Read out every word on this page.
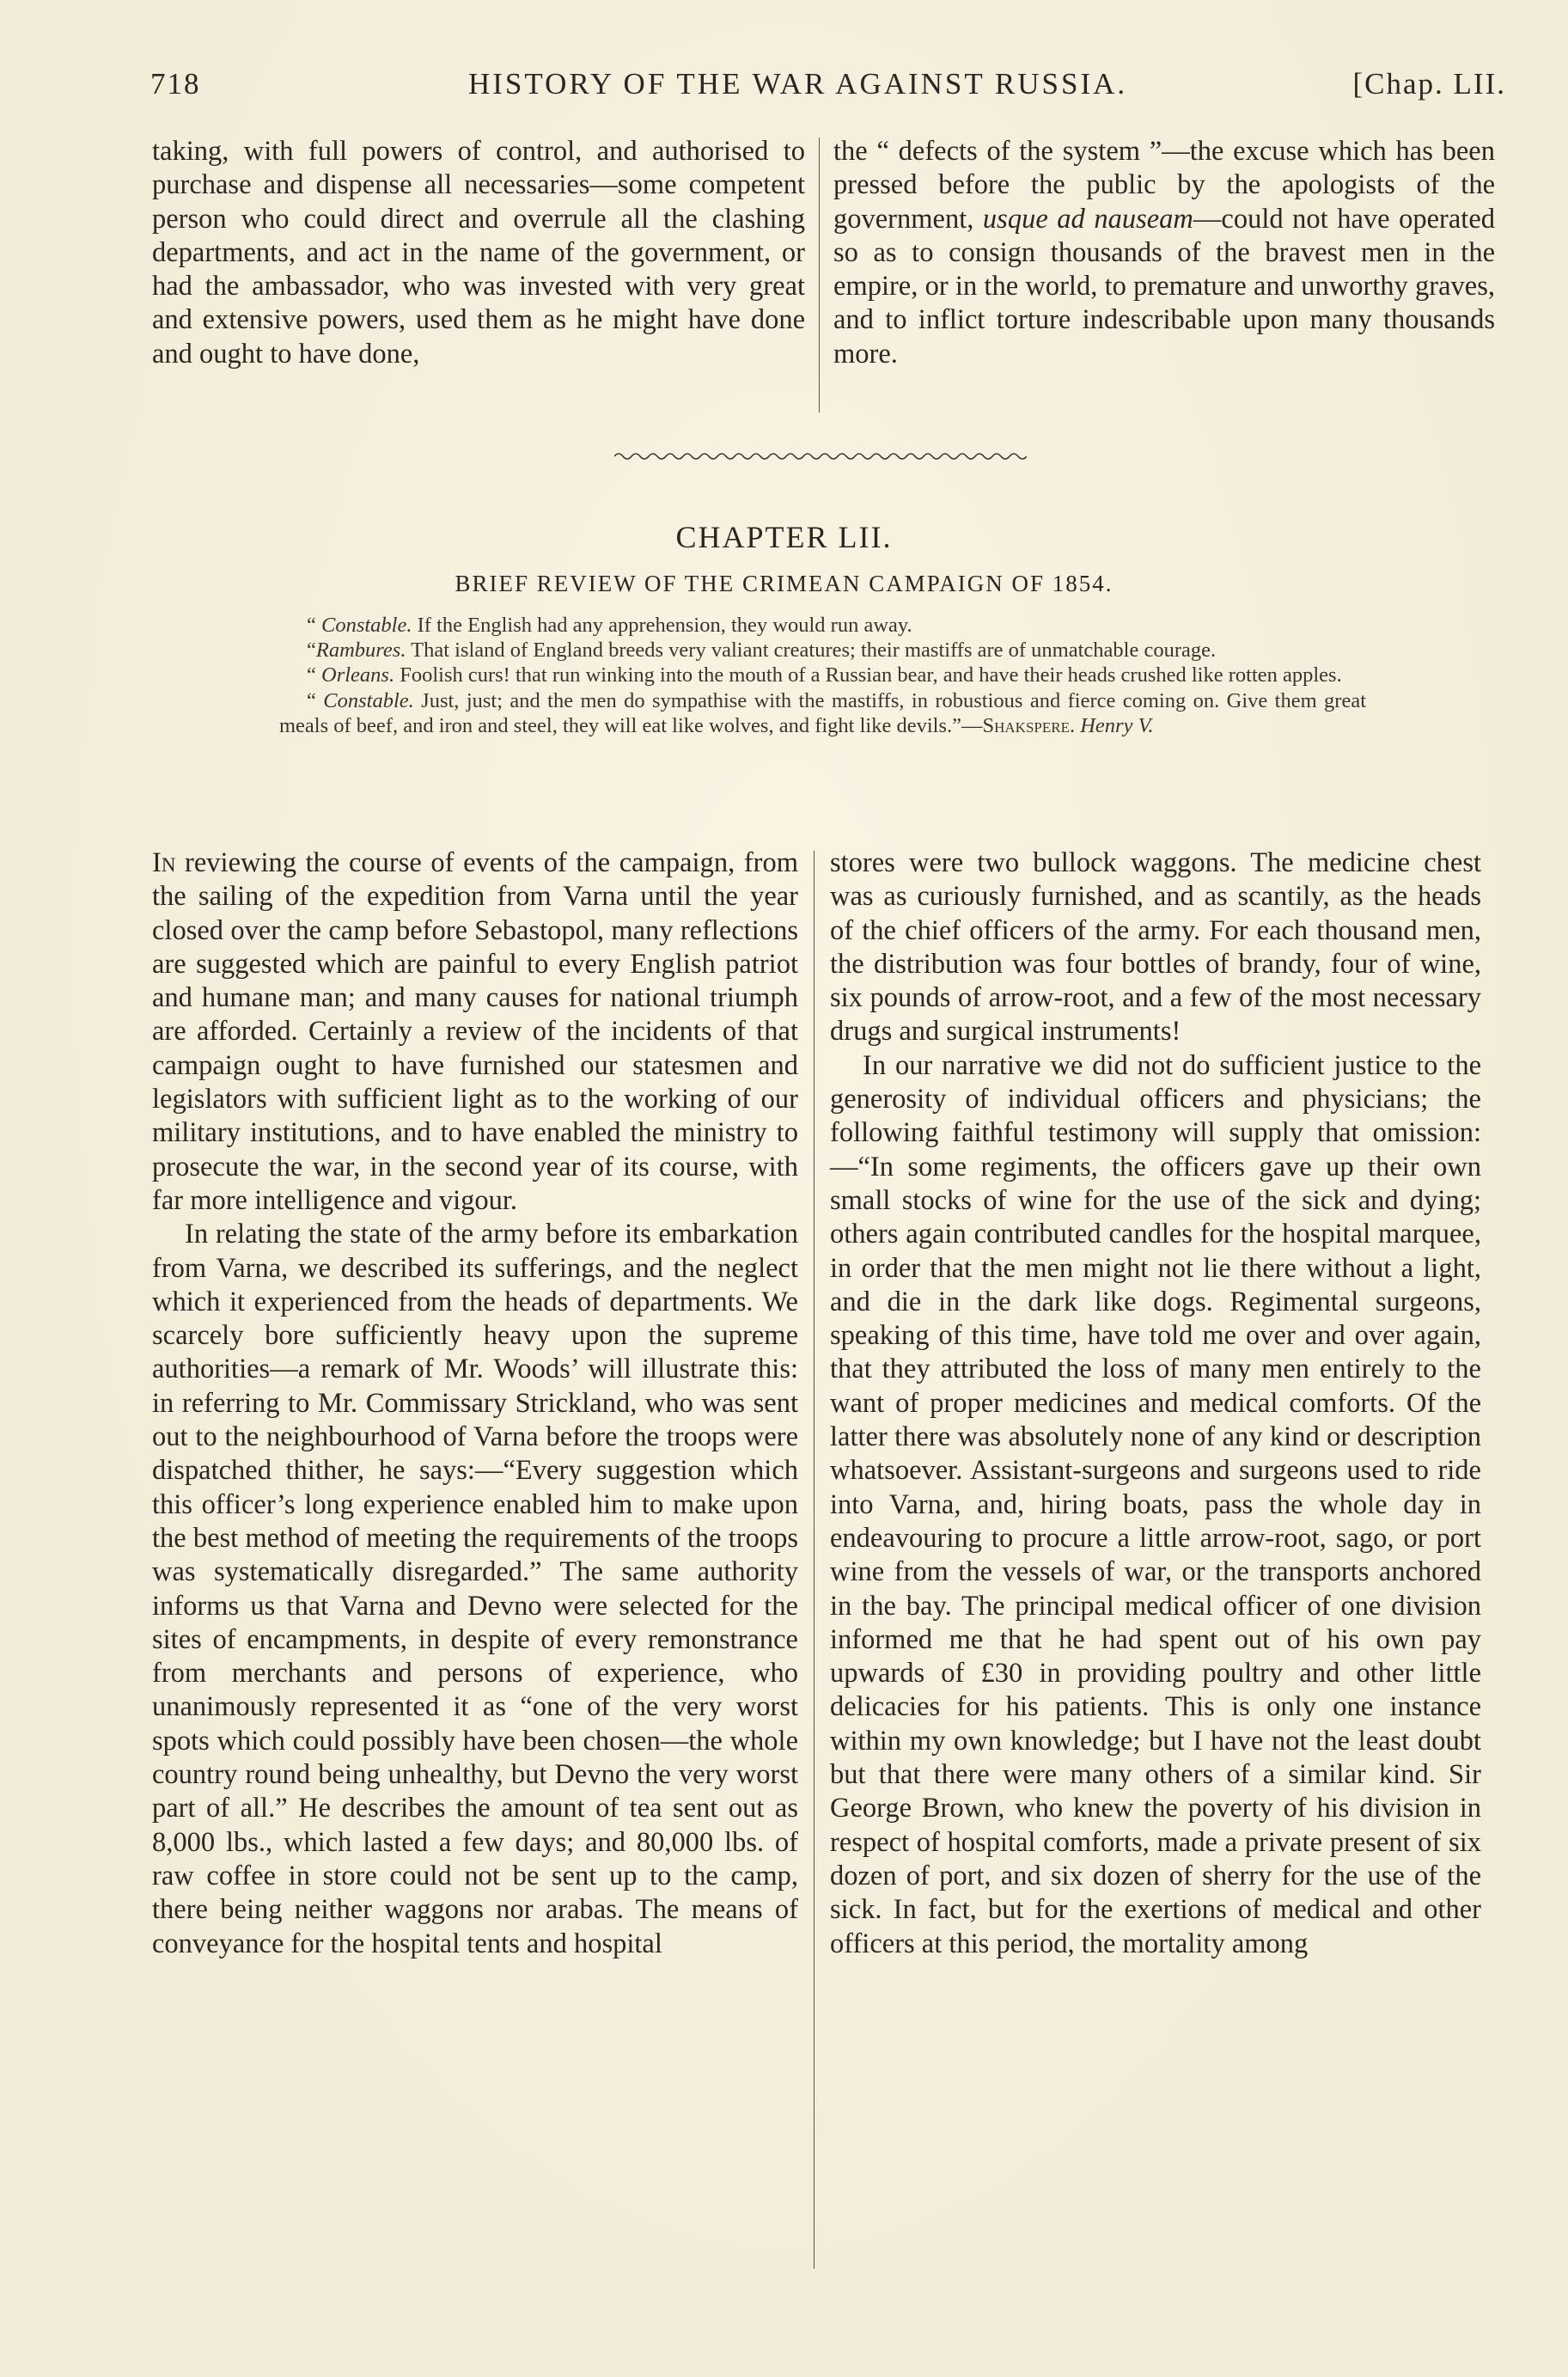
718	HISTORY OF THE WAR AGAINST RUSSIA.	[Chap. LII.

taking, with full powers of control, and authorised to purchase and dispense all necessaries—some competent person who could direct and overrule all the clashing departments, and act in the name of the government, or had the ambassador, who was invested with very great and extensive powers, used them as he might have done and ought to have done,

the “ defects of the system ”—the excuse which has been pressed before the public by the apologists of the government, usque ad nauseam—could not have operated so as to consign thousands of the bravest men in the empire, or in the world, to premature and unworthy graves, and to inflict torture indescribable upon many thousands more.

CHAPTER LII.
BRIEF REVIEW OF THE CRIMEAN CAMPAIGN OF 1854.

“ Constable. If the English had any apprehension, they would run away.

“Rambures. That island of England breeds very valiant creatures; their mastiffs are of unmatchable courage.

“ Orleans. Foolish curs! that run winking into the mouth of a Russian bear, and have their heads crushed like rotten apples.

“ Constable. Just, just; and the men do sympathise with the mastiffs, in robustious and fierce coming on. Give them great meals of beef, and iron and steel, they will eat like wolves, and fight like devils.”—Shakspere. Henry V.

In reviewing the course of events of the campaign, from the sailing of the expedition from Varna until the year closed over the camp before Sebastopol, many reflections are suggested which are painful to every English patriot and humane man; and many causes for national triumph are afforded. Certainly a review of the incidents of that campaign ought to have furnished our statesmen and legislators with sufficient light as to the working of our military institutions, and to have enabled the ministry to prosecute the war, in the second year of its course, with far more intelligence and vigour.

In relating the state of the army before its embarkation from Varna, we described its sufferings, and the neglect which it experienced from the heads of departments. We scarcely bore sufficiently heavy upon the supreme authorities—a remark of Mr. Woods’ will illustrate this: in referring to Mr. Commissary Strickland, who was sent out to the neighbourhood of Varna before the troops were dispatched thither, he says:—“Every suggestion which this officer’s long experience enabled him to make upon the best method of meeting the requirements of the troops was systematically disregarded.” The same authority informs us that Varna and Devno were selected for the sites of encampments, in despite of every remonstrance from merchants and persons of experience, who unanimously represented it as “one of the very worst spots which could possibly have been chosen—the whole country round being unhealthy, but Devno the very worst part of all.” He describes the amount of tea sent out as 8,000 lbs., which lasted a few days; and 80,000 lbs. of raw coffee in store could not be sent up to the camp, there being neither waggons nor arabas. The means of conveyance for the hospital tents and hospital

stores were two bullock waggons. The medicine chest was as curiously furnished, and as scantily, as the heads of the chief officers of the army. For each thousand men, the distribution was four bottles of brandy, four of wine, six pounds of arrow-root, and a few of the most necessary drugs and surgical instruments!

In our narrative we did not do sufficient justice to the generosity of individual officers and physicians; the following faithful testimony will supply that omission:—“In some regiments, the officers gave up their own small stocks of wine for the use of the sick and dying; others again contributed candles for the hospital marquee, in order that the men might not lie there without a light, and die in the dark like dogs. Regimental surgeons, speaking of this time, have told me over and over again, that they attributed the loss of many men entirely to the want of proper medicines and medical comforts. Of the latter there was absolutely none of any kind or description whatsoever. Assistant-surgeons and surgeons used to ride into Varna, and, hiring boats, pass the whole day in endeavouring to procure a little arrow-root, sago, or port wine from the vessels of war, or the transports anchored in the bay. The principal medical officer of one division informed me that he had spent out of his own pay upwards of £30 in providing poultry and other little delicacies for his patients. This is only one instance within my own knowledge; but I have not the least doubt but that there were many others of a similar kind. Sir George Brown, who knew the poverty of his division in respect of hospital comforts, made a private present of six dozen of port, and six dozen of sherry for the use of the sick. In fact, but for the exertions of medical and other officers at this period, the mortality among
